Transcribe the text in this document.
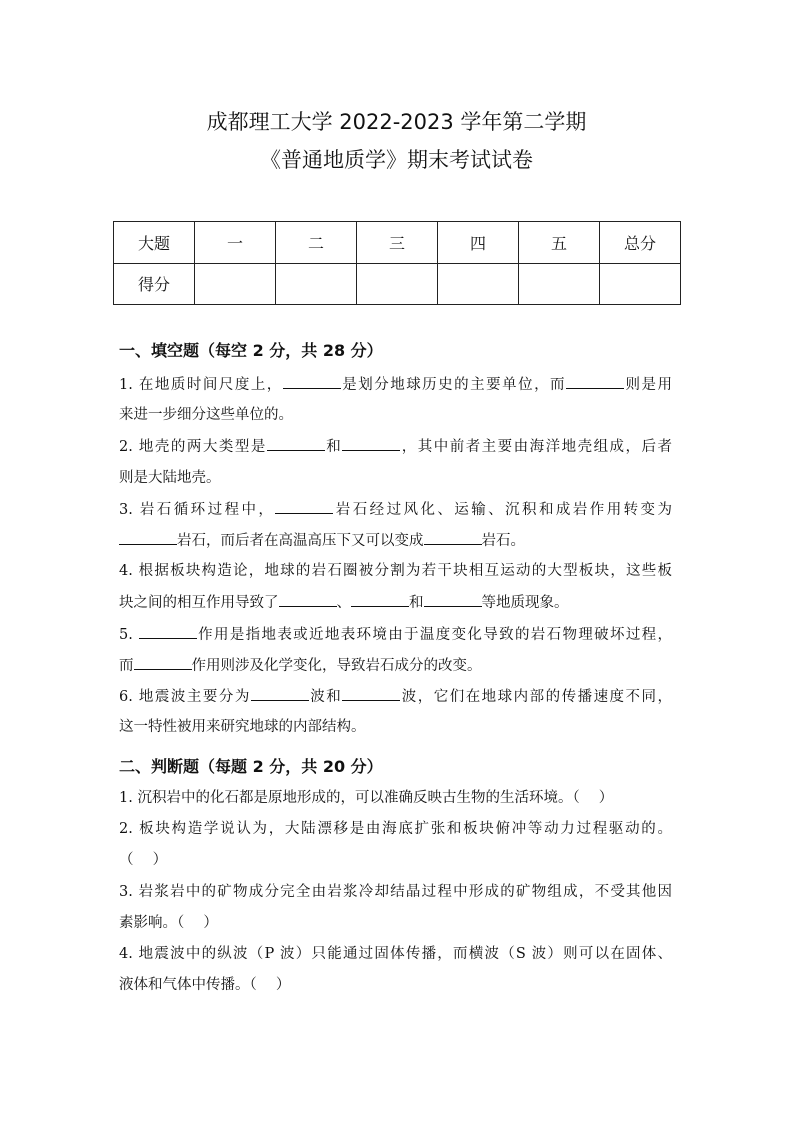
成都理工大学 2022-2023 学年第二学期
《普通地质学》期末考试试卷
大题	一	二	三	四	五	总分
得分						
一、填空题（每空 2 分，共 28 分）
1. 在地质时间尺度上，	是划分地球历史的主要单位，而	则是用
来进一步细分这些单位的。
2. 地壳的两大类型是	和	，其中前者主要由海洋地壳组成，后者
则是大陆地壳。
3. 岩石循环过程中，	岩石经过风化、运输、沉积和成岩作用转变为
岩石，而后者在高温高压下又可以变成	岩石。
4. 根据板块构造论，地球的岩石圈被分割为若干块相互运动的大型板块，这些板
块之间的相互作用导致了	、	和	等地质现象。
5.	作用是指地表或近地表环境由于温度变化导致的岩石物理破坏过程，
而	作用则涉及化学变化，导致岩石成分的改变。
6. 地震波主要分为	波和	波，它们在地球内部的传播速度不同，
这一特性被用来研究地球的内部结构。
二、判断题（每题 2 分，共 20 分）
1. 沉积岩中的化石都是原地形成的，可以准确反映古生物的生活环境。（　 ）
2. 板块构造学说认为，大陆漂移是由海底扩张和板块俯冲等动力过程驱动的。
（　 ）
3. 岩浆岩中的矿物成分完全由岩浆冷却结晶过程中形成的矿物组成，不受其他因
素影响。（　 ）
4. 地震波中的纵波（P 波）只能通过固体传播，而横波（S 波）则可以在固体、
液体和气体中传播。（　 ）
